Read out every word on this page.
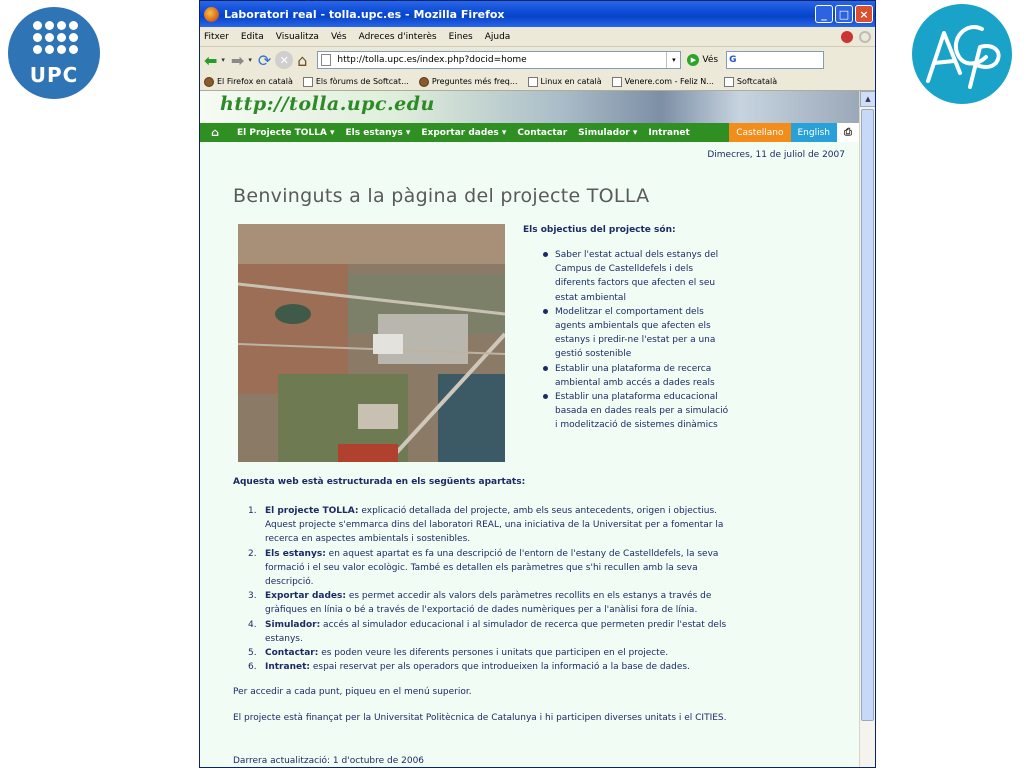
UPC
Laboratori real - tolla.upc.es - Mozilla Firefox	_	□ ×
Fitxer Edita Visualitza Vés Adreces d'interès Eines Ajuda
⬅ ▾ ➡ ▾ ⟳ ✕ ⌂	http://tolla.upc.es/index.php?docid=home	▾	▶ Vés G
El Firefox en català	Els fòrums de Softcat...	Preguntes més freq...	Linux en català	Venere.com - Feliz N...	Softcatalà
http://tolla.upc.edu
⌂	El Projecte TOLLA ▾ Els estanys ▾ Exportar dades ▾ Contactar Simulador ▾ Intranet	Castellano	English	⎙
Dimecres, 11 de juliol de 2007
Benvinguts a la pàgina del projecte TOLLA
Els objectius del projecte són:
Saber l'estat actual dels estanys del Campus de Castelldefels i dels diferents factors que afecten el seu estat ambiental
Modelitzar el comportament dels agents ambientals que afecten els estanys i predir-ne l'estat per a una gestió sostenible
Establir una plataforma de recerca ambiental amb accés a dades reals
Establir una plataforma educacional basada en dades reals per a simulació i modelització de sistemes dinàmics
Aquesta web està estructurada en els següents apartats:
1. El projecte TOLLA: explicació detallada del projecte, amb els seus antecedents, origen i objectius. Aquest projecte s'emmarca dins del laboratori REAL, una iniciativa de la Universitat per a fomentar la recerca en aspectes ambientals i sostenibles.
2. Els estanys: en aquest apartat es fa una descripció de l'entorn de l'estany de Castelldefels, la seva formació i el seu valor ecològic. També es detallen els paràmetres que s'hi recullen amb la seva descripció.
3. Exportar dades: es permet accedir als valors dels paràmetres recollits en els estanys a través de gràfiques en línia o bé a través de l'exportació de dades numèriques per a l'anàlisi fora de línia.
4. Simulador: accés al simulador educacional i al simulador de recerca que permeten predir l'estat dels estanys.
5. Contactar: es poden veure les diferents persones i unitats que participen en el projecte.
6. Intranet: espai reservat per als operadors que introdueixen la informació a la base de dades.
Per accedir a cada punt, piqueu en el menú superior.
El projecte està finançat per la Universitat Politècnica de Catalunya i hi participen diverses unitats i el CITIES.
Darrera actualització: 1 d'octubre de 2006
▲
